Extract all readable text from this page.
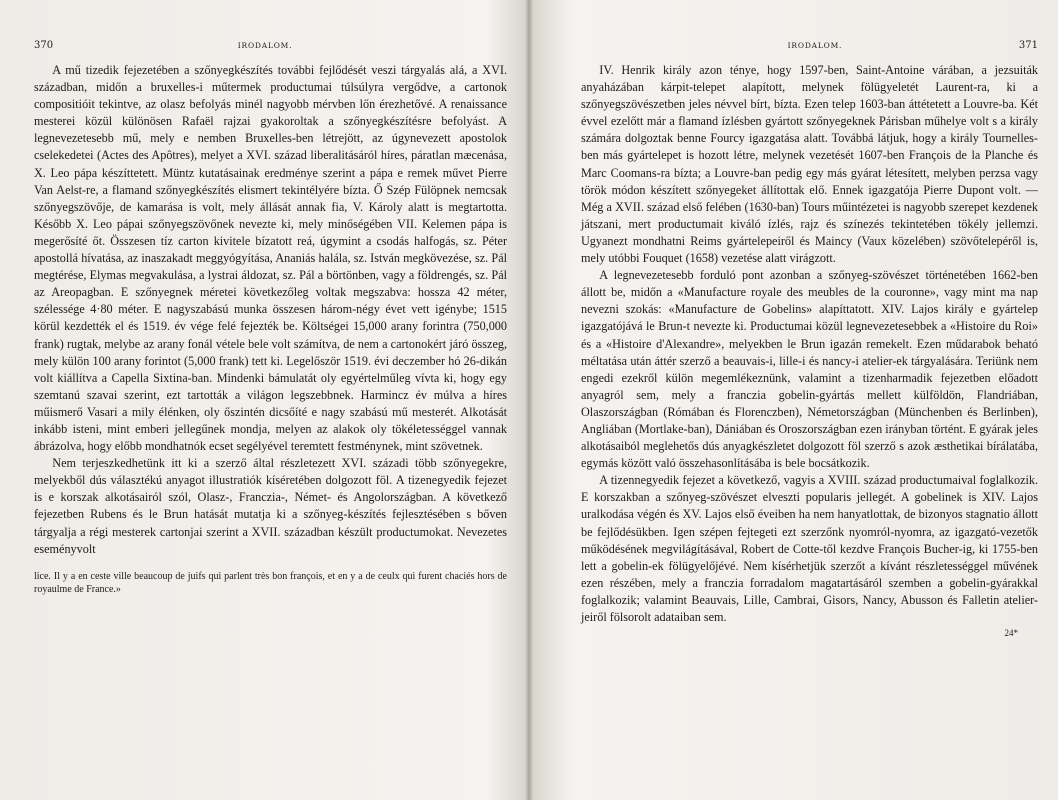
370	IRODALOM.

A mű tizedik fejezetében a szőnyegkészítés további fejlődését veszi tárgyalás alá, a XVI. században, midőn a bruxelles-i műtermek productumai túlsúlyra vergődve, a cartonok compositióit tekintve, az olasz befolyás minél nagyobb mérvben lőn érezhetővé. A renaissance mesterei közül különösen Rafaël rajzai gyakoroltak a szőnyegkészítésre befolyást. A legnevezetesebb mű, mely e nemben Bruxelles-ben létrejött, az úgynevezett apostolok cselekedetei (Actes des Apôtres), melyet a XVI. század liberalitásáról híres, páratlan mæcenása, X. Leo pápa készíttetett. Müntz kutatásainak eredménye szerint a pápa e remek művet Pierre Van Aelst-re, a flamand szőnyegkészítés elismert tekintélyére bízta. Ő Szép Fülöpnek nemcsak szőnyegszövője, de kamarása is volt, mely állását annak fia, V. Károly alatt is megtartotta. Később X. Leo pápai szőnyegszövőnek nevezte ki, mely minőségében VII. Kelemen pápa is megerősíté őt. Összesen tíz carton kivitele bízatott reá, úgymint a csodás halfogás, sz. Péter apostollá hívatása, az inaszakadt meggyógyítása, Ananiás halála, sz. István megkövezése, sz. Pál megtérése, Elymas megvakulása, a lystrai áldozat, sz. Pál a börtönben, vagy a földrengés, sz. Pál az Areopagban. E szőnyegnek méretei következőleg voltak megszabva: hossza 42 méter, szélessége 4·80 méter. E nagyszabású munka összesen három-négy évet vett igénybe; 1515 körül kezdették el és 1519. év vége felé fejezték be. Költségei 15,000 arany forintra (750,000 frank) rugtak, melybe az arany fonál vétele bele volt számítva, de nem a cartonokért járó összeg, mely külön 100 arany forintot (5,000 frank) tett ki. Legelőször 1519. évi deczember hó 26-dikán volt kiállítva a Capella Sixtina-ban. Mindenki bámulatát oly egyértelműleg vívta ki, hogy egy szemtanú szavai szerint, ezt tartották a világon legszebbnek. Harmincz év múlva a híres műismerő Vasari a mily élénken, oly őszintén dicsőíté e nagy szabású mű mesterét. Alkotását inkább isteni, mint emberi jellegűnek mondja, melyen az alakok oly tökéletességgel vannak ábrázolva, hogy előbb mondhatnók ecset segélyével teremtett festménynek, mint szövetnek.

Nem terjeszkedhetünk itt ki a szerző által részletezett XVI. századi több szőnyegekre, melyekből dús választékú anyagot illustratiók kíséretében dolgozott föl. A tizenegyedik fejezet is e korszak alkotásairól szól, Olasz-, Franczia-, Német- és Angolországban. A következő fejezetben Rubens és le Brun hatását mutatja ki a szőnyeg-készítés fejlesztésében s bőven tárgyalja a régi mesterek cartonjai szerint a XVII. században készült productumokat. Nevezetes eseményvolt

lice. Il y a en ceste ville beaucoup de juifs qui parlent très bon françois, et en y a de ceulx qui furent chaciés hors de royaulme de France.»
IRODALOM.	371

IV. Henrik király azon ténye, hogy 1597-ben, Saint-Antoine várában, a jezsuiták anyaházában kárpit-telepet alapított, melynek fölügyeletét Laurent-ra, ki a szőnyegszövészetben jeles névvel bírt, bízta. Ezen telep 1603-ban áttétetett a Louvre-ba. Két évvel ezelőtt már a flamand ízlésben gyártott szőnyegeknek Párisban műhelye volt s a király számára dolgoztak benne Fourcy igazgatása alatt. Továbbá látjuk, hogy a király Tournelles-ben más gyártelepet is hozott létre, melynek vezetését 1607-ben François de la Planche és Marc Coomans-ra bízta; a Louvre-ban pedig egy más gyárat létesített, melyben perzsa vagy török módon készített szőnyegeket állítottak elő. Ennek igazgatója Pierre Dupont volt. — Még a XVII. század első felében (1630-ban) Tours műintézetei is nagyobb szerepet kezdenek játszani, mert productumait kiváló ízlés, rajz és színezés tekintetében tökély jellemzi. Ugyanezt mondhatni Reims gyártelepeiről és Maincy (Vaux közelében) szövőtelepéről is, mely utóbbi Fouquet (1658) vezetése alatt virágzott.

A legnevezetesebb forduló pont azonban a szőnyeg-szövészet történetében 1662-ben állott be, midőn a «Manufacture royale des meubles de la couronne», vagy mint ma nap nevezni szokás: «Manufacture de Gobelins» alapíttatott. XIV. Lajos király e gyártelep igazgatójává le Brun-t nevezte ki. Productumai közül legnevezetesebbek a «Histoire du Roi» és a «Histoire d'Alexandre», melyekben le Brun igazán remekelt. Ezen műdarabok beható méltatása után áttér szerző a beauvais-i, lille-i és nancy-i atelier-ek tárgyalására. Teriünk nem engedi ezekről külön megemlékeznünk, valamint a tizenharmadik fejezetben előadott anyagról sem, mely a franczia gobelin-gyártás mellett külföldön, Flandriában, Olaszországban (Rómában és Florenczben), Németországban (Münchenben és Berlinben), Angliában (Mortlake-ban), Dániában és Oroszországban ezen irányban történt. E gyárak jeles alkotásaiból meglehetős dús anyagkészletet dolgozott föl szerző s azok æsthetikai bírálatába, egymás között való összehasonlításába is bele bocsátkozik.

A tizennegyedik fejezet a következő, vagyis a XVIII. század productumaival foglalkozik. E korszakban a szőnyeg-szövészet elveszti popularis jellegét. A gobelinek is XIV. Lajos uralkodása végén és XV. Lajos első éveiben ha nem hanyatlottak, de bizonyos stagnatio állott be fejlődésükben. Igen szépen fejtegeti ezt szerzőnk nyomról-nyomra, az igazgató-vezetők működésének megvilágításával, Robert de Cotte-től kezdve François Bucher-ig, ki 1755-ben lett a gobelin-ek fölügyelőjévé. Nem kísérhetjük szerzőt a kívánt részletességgel művének ezen részében, mely a franczia forradalom magatartásáról szemben a gobelin-gyárakkal foglalkozik; valamint Beauvais, Lille, Cambrai, Gisors, Nancy, Abusson és Falletin atelier-jeiről fölsorolt adataiban sem.

24*
